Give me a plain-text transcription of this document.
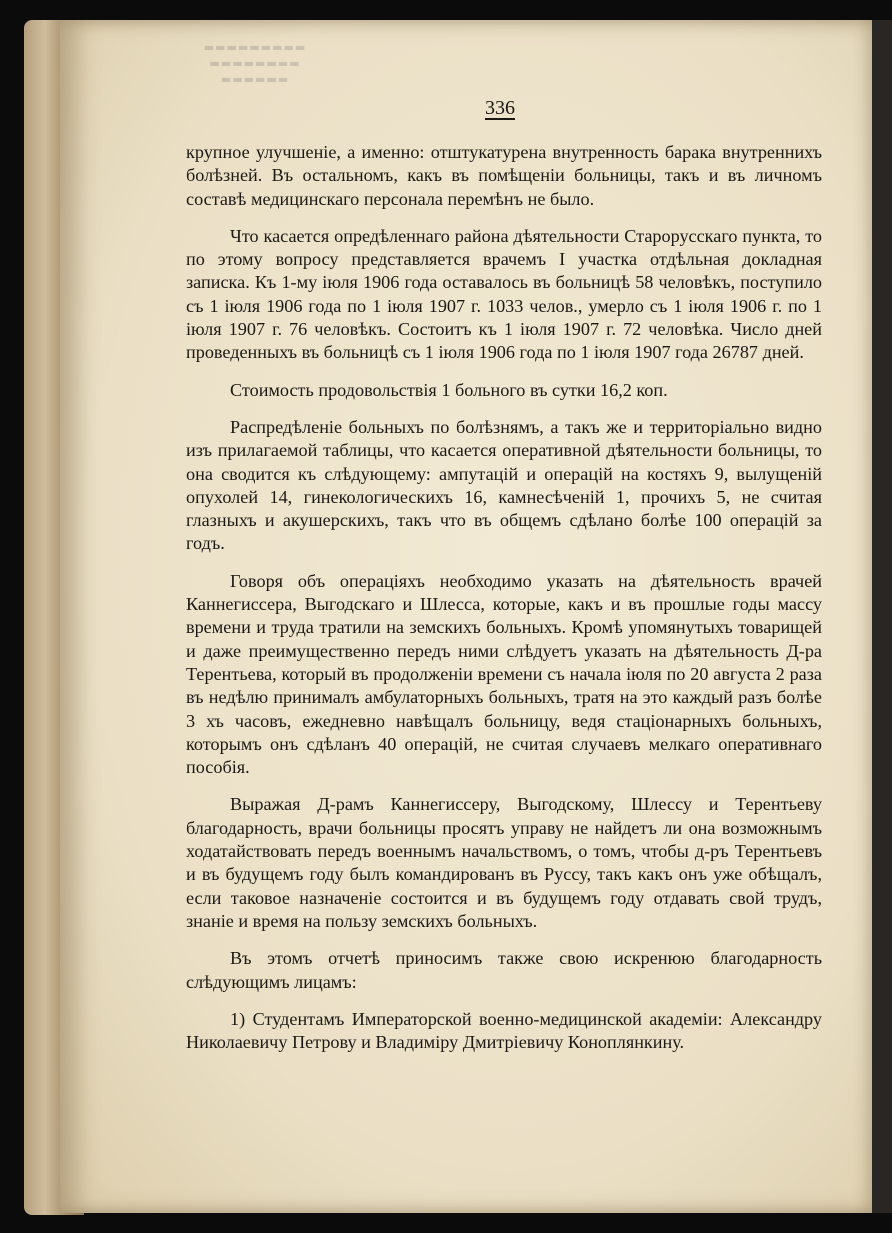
▬▬▬▬▬▬
▬▬▬▬▬▬▬▬
▬▬▬▬▬▬▬▬▬
336

крупное улучшенiе, а именно: отштукатурена внутренность барака внутреннихъ болѣзней. Въ остальномъ, какъ въ помѣщенiи больницы, такъ и въ личномъ составѣ медицинскаго персонала перемѣнъ не было.

Что касается опредѣленнаго района дѣятельности Старорусскаго пункта, то по этому вопросу представляется врачемъ I участка отдѣльная докладная записка. Къ 1-му iюля 1906 года оставалось въ больницѣ 58 человѣкъ, поступило съ 1 iюля 1906 года по 1 iюля 1907 г. 1033 челов., умерло съ 1 iюля 1906 г. по 1 iюля 1907 г. 76 человѣкъ. Состоитъ къ 1 iюля 1907 г. 72 человѣка. Число дней проведенныхъ въ больницѣ съ 1 iюля 1906 года по 1 iюля 1907 года 26787 дней.

Стоимость продовольствiя 1 больного въ сутки 16,2 коп.

Распредѣленiе больныхъ по болѣзнямъ, а такъ же и территорiально видно изъ прилагаемой таблицы, что касается оперативной дѣятельности больницы, то она сводится къ слѣдующему: ампутацiй и операцiй на костяхъ 9, вылущенiй опухолей 14, гинекологическихъ 16, камнесѣченiй 1, прочихъ 5, не считая глазныхъ и акушерскихъ, такъ что въ общемъ сдѣлано болѣе 100 операцiй за годъ.

Говоря объ операцiяхъ необходимо указать на дѣятельность врачей Каннегиссера, Выгодскаго и Шлесса, которые, какъ и въ прошлые годы массу времени и труда тратили на земскихъ больныхъ. Кромѣ упомянутыхъ товарищей и даже преимущественно передъ ними слѣдуетъ указать на дѣятельность Д-ра Терентьева, который въ продолженiи времени съ начала iюля по 20 августа 2 раза въ недѣлю принималъ амбулаторныхъ больныхъ, тратя на это каждый разъ болѣе 3 хъ часовъ, ежедневно навѣщалъ больницу, ведя стацiонарныхъ больныхъ, которымъ онъ сдѣланъ 40 операцiй, не считая случаевъ мелкаго оперативнаго пособiя.

Выражая Д-рамъ Каннегиссеру, Выгодскому, Шлессу и Терентьеву благодарность, врачи больницы просятъ управу не найдетъ ли она возможнымъ ходатайствовать передъ военнымъ начальствомъ, о томъ, чтобы д-ръ Терентьевъ и въ будущемъ году былъ командированъ въ Руссу, такъ какъ онъ уже обѣщалъ, если таковое назначенiе состоится и въ будущемъ году отдавать свой трудъ, знанiе и время на пользу земскихъ больныхъ.

Въ этомъ отчетѣ приносимъ также свою искренюю благодарность слѣдующимъ лицамъ:

1) Студентамъ Императорской военно-медицинской академiи: Александру Николаевичу Петрову и Владимiру Дмитрiевичу Коноплянкину.
